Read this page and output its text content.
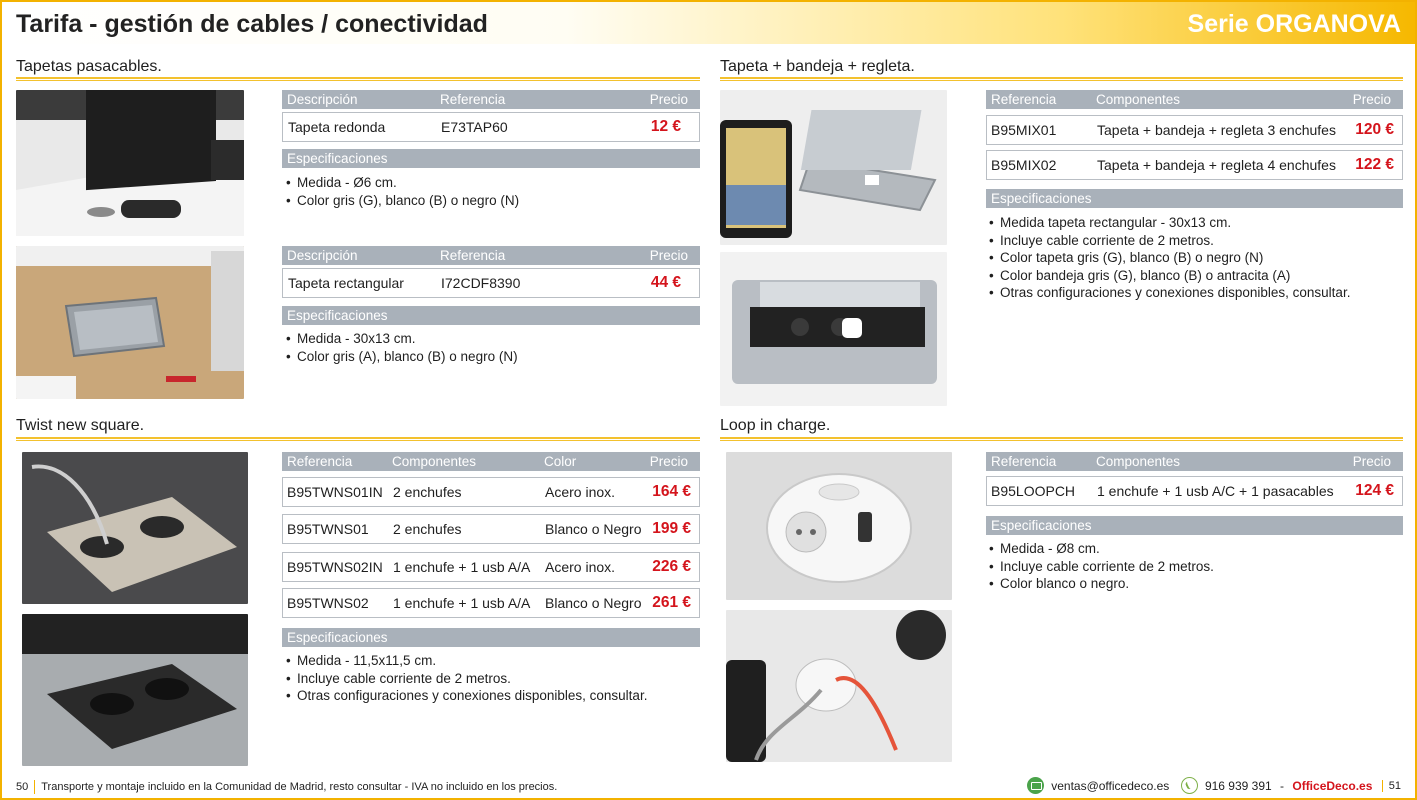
Tarifa - gestión de cables / conectividad	Serie ORGANOVA
Tapetas pasacables.
Descripción	Referencia	Precio
Tapeta redonda	E73TAP60	12 €
Especificaciones
• Medida - Ø6 cm.
• Color gris (G), blanco (B) o negro (N)
Descripción	Referencia	Precio
Tapeta rectangular	I72CDF8390	44 €
Especificaciones
• Medida - 30x13 cm.
• Color gris (A), blanco (B) o negro (N)
Tapeta + bandeja + regleta.
Referencia	Componentes	Precio
B95MIX01	Tapeta + bandeja + regleta 3 enchufes 120 €
B95MIX02	Tapeta + bandeja + regleta 4 enchufes 122 €
Especificaciones
• Medida tapeta rectangular - 30x13 cm.
• Incluye cable corriente de 2 metros.
• Color tapeta gris (G), blanco (B) o negro (N)
• Color bandeja gris (G), blanco (B) o antracita (A)
• Otras configuraciones y conexiones disponibles, consultar.
Twist new square.
Referencia	Componentes	Color	Precio
B95TWNS01IN 2 enchufes	Acero inox. 164 €
B95TWNS01 2 enchufes	Blanco o Negro 199 €
B95TWNS02IN 1 enchufe + 1 usb A/A Acero inox. 226 €
B95TWNS02 1 enchufe + 1 usb A/A Blanco o Negro 261 €
Especificaciones
• Medida - 11,5x11,5 cm.
• Incluye cable corriente de 2 metros.
• Otras configuraciones y conexiones disponibles, consultar.
Loop in charge.
Referencia	Componentes	Precio
B95LOOPCH 1 enchufe + 1 usb A/C + 1 pasacables 124 €
Especificaciones
• Medida - Ø8 cm.
• Incluye cable corriente de 2 metros.
• Color blanco o negro.
50 Transporte y montaje incluido en la Comunidad de Madrid, resto consultar - IVA no incluido en los precios.	ventas@officedeco.es	916 939 391 - OfficeDeco.es 51
